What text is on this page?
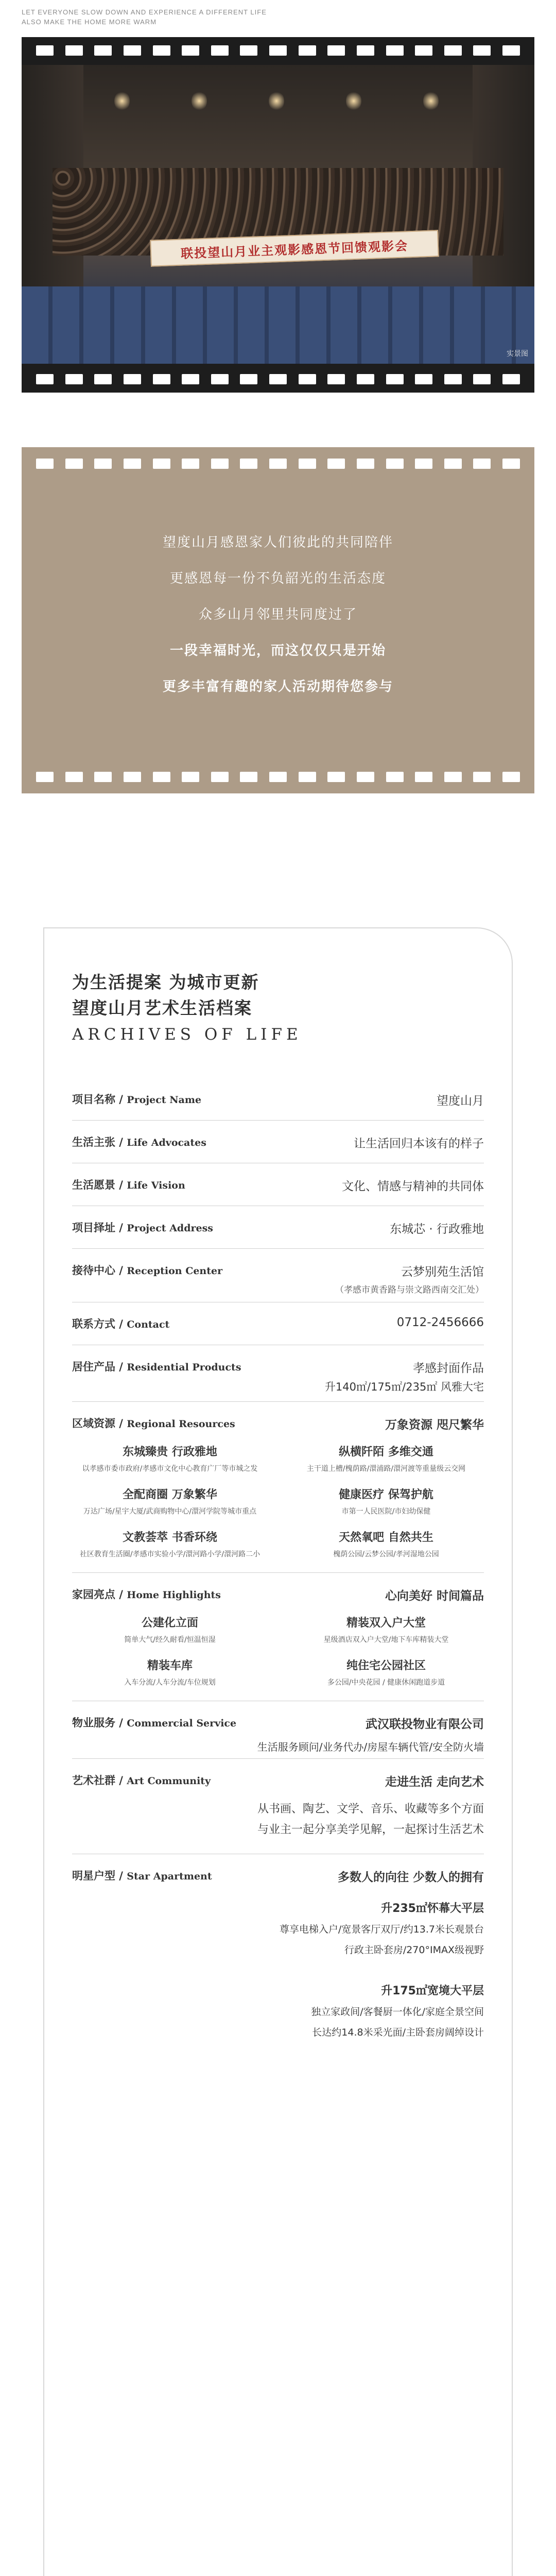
LET EVERYONE SLOW DOWN AND EXPERIENCE A DIFFERENT LIFE

ALSO MAKE THE HOME MORE WARM

联投望山月业主观影感恩节回馈观影会
实景图

望度山月感恩家人们彼此的共同陪伴

更感恩每一份不负韶光的生活态度

众多山月邻里共同度过了

一段幸福时光，而这仅仅只是开始

更多丰富有趣的家人活动期待您参与

为生活提案 为城市更新
望度山月艺术生活档案
ARCHIVES OF LIFE
项目名称 / Project Name	望度山月
生活主张 / Life Advocates	让生活回归本该有的样子
生活愿景 / Life Vision	文化、情感与精神的共同体
项目择址 / Project Address	东城芯 · 行政雅地
接待中心 / Reception Center	云梦别苑生活馆
（孝感市黄香路与崇文路西南交汇处）
联系方式 / Contact	0712-2456666
居住产品 / Residential Products	孝感封面作品
升140㎡/175㎡/235㎡ 风雅大宅
区域资源 / Regional Resources	万象资源 咫尺繁华
东城臻贵 行政雅地
以孝感市委市政府/孝感市文化中心教育广厂等市城之发
纵横阡陌 多维交通
主干道上槽/槐荫路/澴浦路/澴河渡等重量级云交网
全配商圈 万象繁华
万达广场/星宇大厦/武商购物中心/澴河学院等城市重点
健康医疗 保驾护航
市第一人民医院/市妇幼保健
文教荟萃 书香环绕
社区教育生活圈/孝感市实验小学/澴河路小学/澴河路二小
天然氧吧 自然共生
槐荫公园/云梦公园/孝河湿地公园
家园亮点 / Home Highlights	心向美好 时间篇品
公建化立面
简单大气/经久耐看/恒温恒湿
精装双入户大堂
星级酒店双入户大堂/地下车库精装大堂
精装车库
入车分流/人车分流/车位规划
纯住宅公园社区
多公园/中央花园 / 健康休闲跑道步道
物业服务 / Commercial Service	武汉联投物业有限公司
生活服务顾问/业务代办/房屋车辆代管/安全防火墙
艺术社群 / Art Community	走进生活 走向艺术
从书画、陶艺、文学、音乐、收藏等多个方面
与业主一起分享美学见解，一起探讨生活艺术
明星户型 / Star Apartment	多数人的向往 少数人的拥有
升235㎡怀幕大平层
尊享电梯入户/宽景客厅双厅/约13.7米长观景台
行政主卧套房/270°IMAX级视野
升175㎡宽境大平层
独立家政间/客餐厨一体化/家庭全景空间
长达约14.8米采光面/主卧套房阔绰设计
